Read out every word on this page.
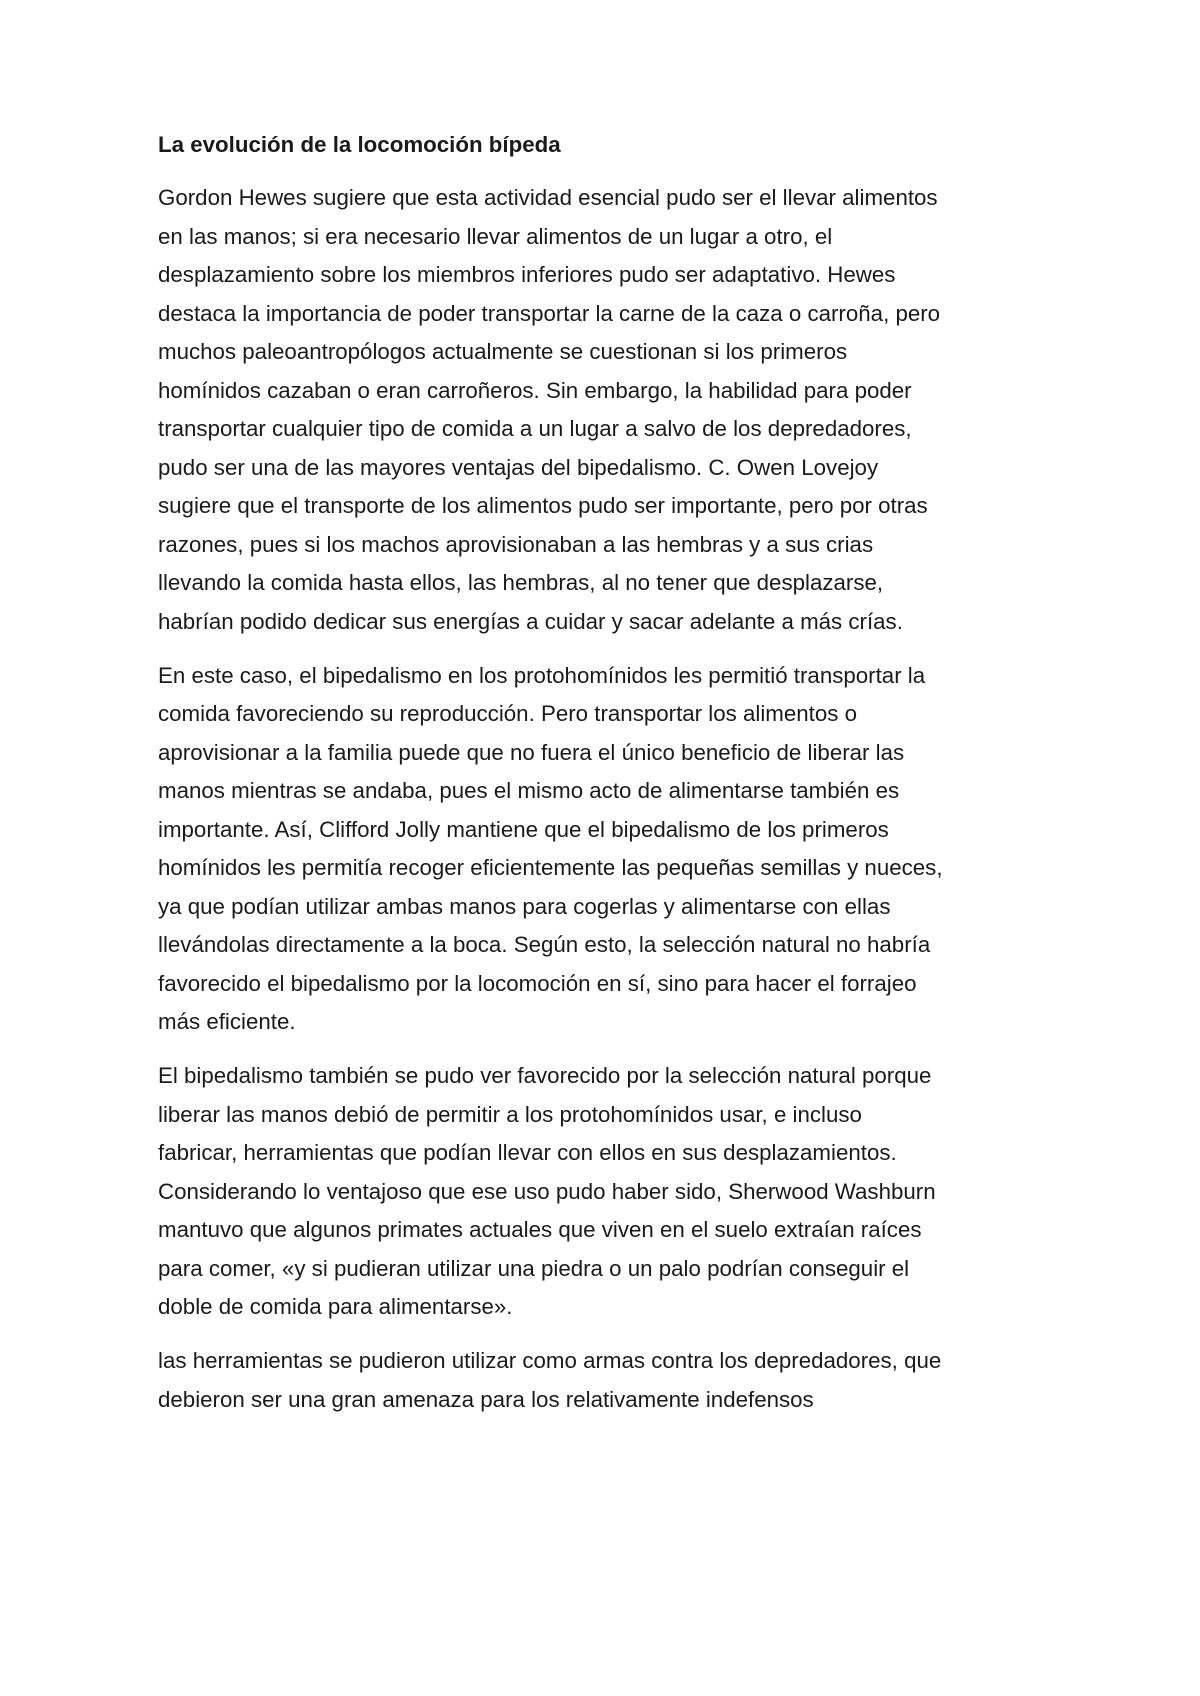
La evolución de la locomoción bípeda

Gordon Hewes sugiere que esta actividad esencial pudo ser el llevar alimentos
en las manos; si era necesario llevar alimentos de un lugar a otro, el
desplazamiento sobre los miembros inferiores pudo ser adaptativo. Hewes
destaca la importancia de poder transportar la carne de la caza o carroña, pero
muchos paleoantropólogos actualmente se cuestionan si los primeros
homínidos cazaban o eran carroñeros. Sin embargo, la habilidad para poder
transportar cualquier tipo de comida a un lugar a salvo de los depredadores,
pudo ser una de las mayores ventajas del bipedalismo. C. Owen Lovejoy
sugiere que el transporte de los alimentos pudo ser importante, pero por otras
razones, pues si los machos aprovisionaban a las hembras y a sus crias
llevando la comida hasta ellos, las hembras, al no tener que desplazarse,
habrían podido dedicar sus energías a cuidar y sacar adelante a más crías.

En este caso, el bipedalismo en los protohomínidos les permitió transportar la
comida favoreciendo su reproducción. Pero transportar los alimentos o
aprovisionar a la familia puede que no fuera el único beneficio de liberar las
manos mientras se andaba, pues el mismo acto de alimentarse también es
importante. Así, Clifford Jolly mantiene que el bipedalismo de los primeros
homínidos les permitía recoger eficientemente las pequeñas semillas y nueces,
ya que podían utilizar ambas manos para cogerlas y alimentarse con ellas
llevándolas directamente a la boca. Según esto, la selección natural no habría
favorecido el bipedalismo por la locomoción en sí, sino para hacer el forrajeo
más eficiente.

El bipedalismo también se pudo ver favorecido por la selección natural porque
liberar las manos debió de permitir a los protohomínidos usar, e incluso
fabricar, herramientas que podían llevar con ellos en sus desplazamientos.
Considerando lo ventajoso que ese uso pudo haber sido, Sherwood Washburn
mantuvo que algunos primates actuales que viven en el suelo extraían raíces
para comer, «y si pudieran utilizar una piedra o un palo podrían conseguir el
doble de comida para alimentarse».

las herramientas se pudieron utilizar como armas contra los depredadores, que
debieron ser una gran amenaza para los relativamente indefensos
